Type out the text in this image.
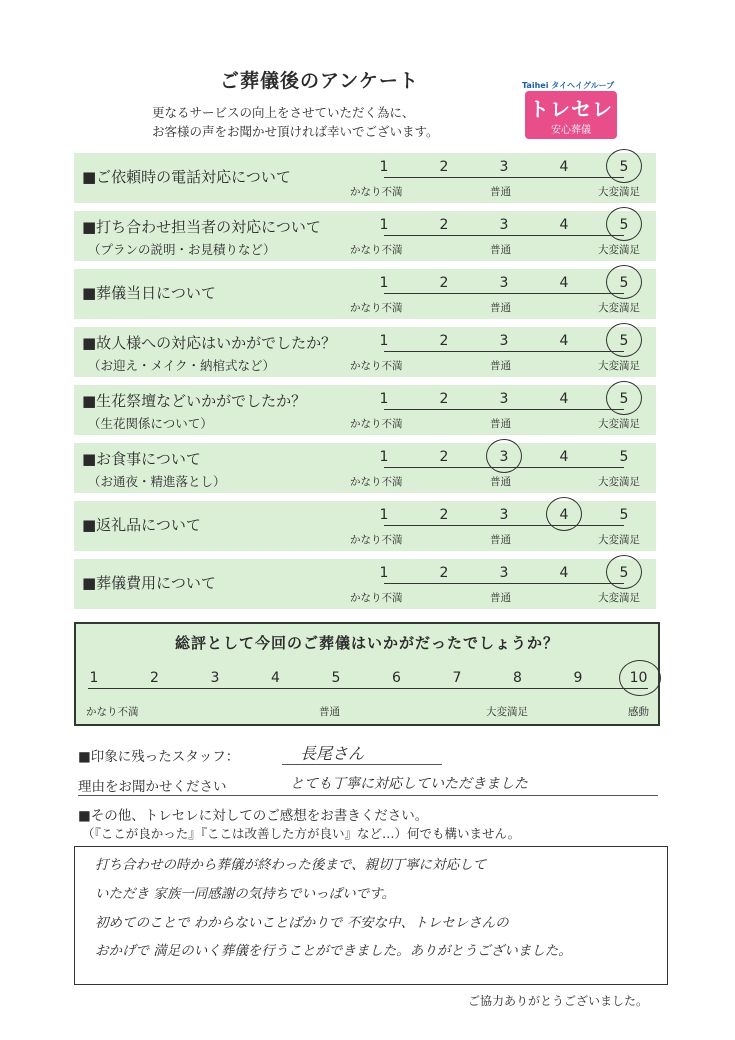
ご葬儀後のアンケート
更なるサービスの向上をさせていただく為に、
お客様の声をお聞かせ頂ければ幸いでございます。
Taihei タイヘイグループ
トレセレ
安心葬儀
■ご依頼時の電話対応について
1	2	3	4	5
かなり不満	普通	大変満足
■打ち合わせ担当者の対応について
（プランの説明・お見積りなど）
1	2	3	4	5
かなり不満	普通	大変満足
■葬儀当日について
1	2	3	4	5
かなり不満	普通	大変満足
■故人様への対応はいかがでしたか？
（お迎え・メイク・納棺式など）
1	2	3	4	5
かなり不満	普通	大変満足
■生花祭壇などいかがでしたか？
（生花関係について）
1	2	3	4	5
かなり不満	普通	大変満足
■お食事について
（お通夜・精進落とし）
1	2	3	4	5
かなり不満	普通	大変満足
■返礼品について
1	2	3	4	5
かなり不満	普通	大変満足
■葬儀費用について
1	2	3	4	5
かなり不満	普通	大変満足
総評として今回のご葬儀はいかがだったでしょうか？
1	2	3	4	5	6	7	8	9	10
かなり不満	普通	大変満足	感動
■印象に残ったスタッフ：	長尾さん
理由をお聞かせください	とても丁寧に対応していただきました
■その他、トレセレに対してのご感想をお書きください。
（『ここが良かった』『ここは改善した方が良い』など…）何でも構いません。
打ち合わせの時から葬儀が終わった後まで、親切丁寧に対応して
いただき 家族一同感謝の気持ちでいっぱいです。
初めてのことで わからないことばかりで 不安な中、トレセレさんの
おかげで 満足のいく葬儀を行うことができました。ありがとうございました。
ご協力ありがとうございました。
